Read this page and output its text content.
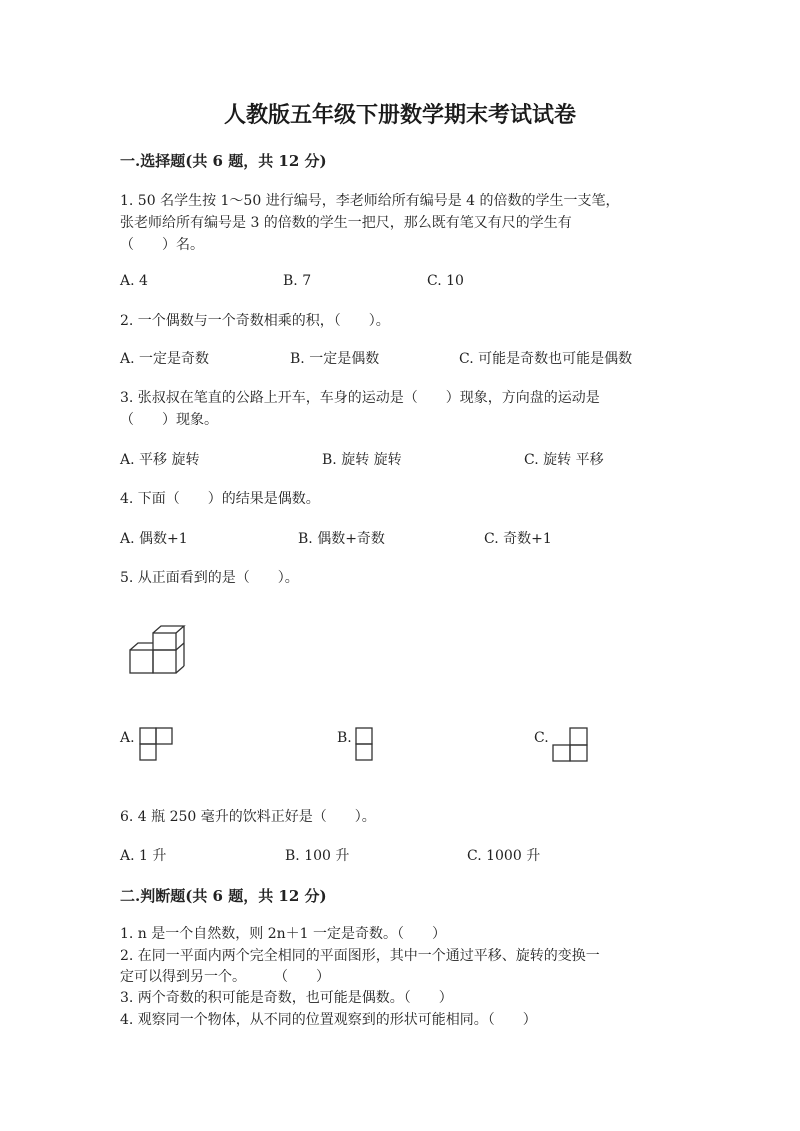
人教版五年级下册数学期末考试试卷
一.选择题(共 6 题，共 12 分)
1. 50 名学生按 1～50 进行编号，李老师给所有编号是 4 的倍数的学生一支笔，
张老师给所有编号是 3 的倍数的学生一把尺，那么既有笔又有尺的学生有
（　　）名。
A. 4	B. 7	C. 10
2. 一个偶数与一个奇数相乘的积，（　　）。
A. 一定是奇数	B. 一定是偶数	C. 可能是奇数也可能是偶数
3. 张叔叔在笔直的公路上开车，车身的运动是（　　）现象，方向盘的运动是
（　　）现象。
A. 平移 旋转	B. 旋转 旋转	C. 旋转 平移
4. 下面（　　）的结果是偶数。
A. 偶数+1	B. 偶数+奇数	C. 奇数+1
5. 从正面看到的是（　　）。
A.	B.	C.
6. 4 瓶 250 毫升的饮料正好是（　　）。
A. 1 升	B. 100 升	C. 1000 升
二.判断题(共 6 题，共 12 分)
1. n 是一个自然数，则 2n＋1 一定是奇数。（　　）
2. 在同一平面内两个完全相同的平面图形，其中一个通过平移、旋转的变换一
定可以得到另一个。　　　（　　）
3. 两个奇数的积可能是奇数，也可能是偶数。（　　）
4. 观察同一个物体，从不同的位置观察到的形状可能相同。（　　）
